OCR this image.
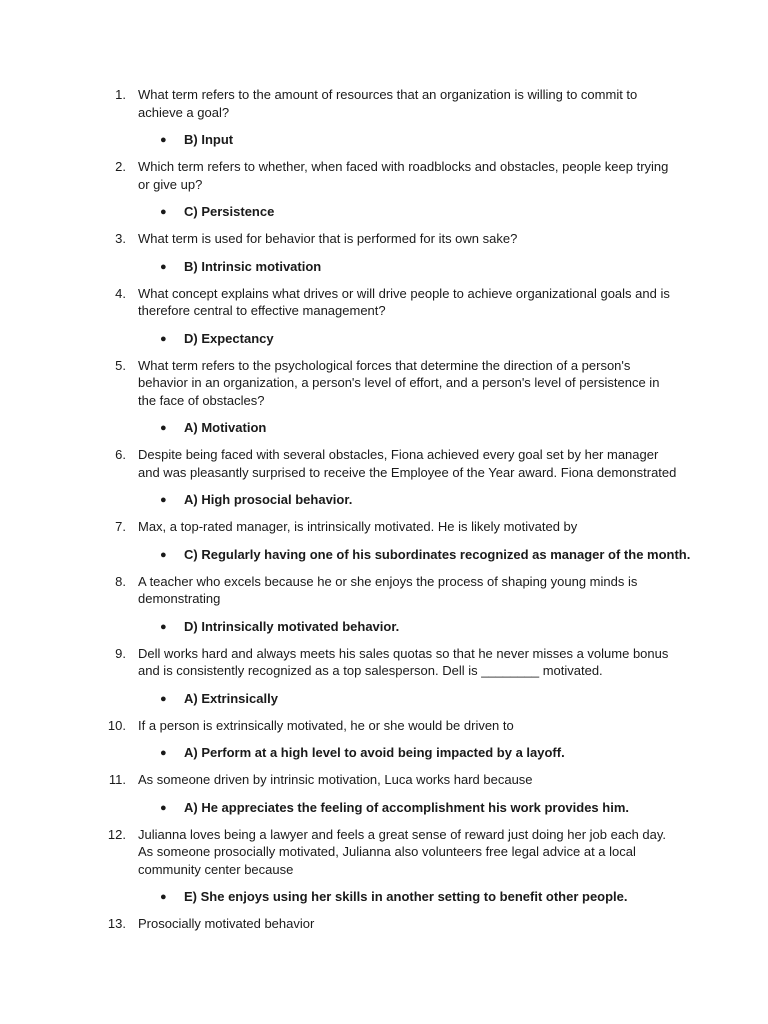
1. What term refers to the amount of resources that an organization is willing to commit to achieve a goal?
● B) Input
2. Which term refers to whether, when faced with roadblocks and obstacles, people keep trying or give up?
● C) Persistence
3. What term is used for behavior that is performed for its own sake?
● B) Intrinsic motivation
4. What concept explains what drives or will drive people to achieve organizational goals and is therefore central to effective management?
● D) Expectancy
5. What term refers to the psychological forces that determine the direction of a person's behavior in an organization, a person's level of effort, and a person's level of persistence in the face of obstacles?
● A) Motivation
6. Despite being faced with several obstacles, Fiona achieved every goal set by her manager and was pleasantly surprised to receive the Employee of the Year award. Fiona demonstrated
● A) High prosocial behavior.
7. Max, a top-rated manager, is intrinsically motivated. He is likely motivated by
● C) Regularly having one of his subordinates recognized as manager of the month.
8. A teacher who excels because he or she enjoys the process of shaping young minds is demonstrating
● D) Intrinsically motivated behavior.
9. Dell works hard and always meets his sales quotas so that he never misses a volume bonus and is consistently recognized as a top salesperson. Dell is ________ motivated.
● A) Extrinsically
10. If a person is extrinsically motivated, he or she would be driven to
● A) Perform at a high level to avoid being impacted by a layoff.
11. As someone driven by intrinsic motivation, Luca works hard because
● A) He appreciates the feeling of accomplishment his work provides him.
12. Julianna loves being a lawyer and feels a great sense of reward just doing her job each day. As someone prosocially motivated, Julianna also volunteers free legal advice at a local community center because
● E) She enjoys using her skills in another setting to benefit other people.
13. Prosocially motivated behavior
